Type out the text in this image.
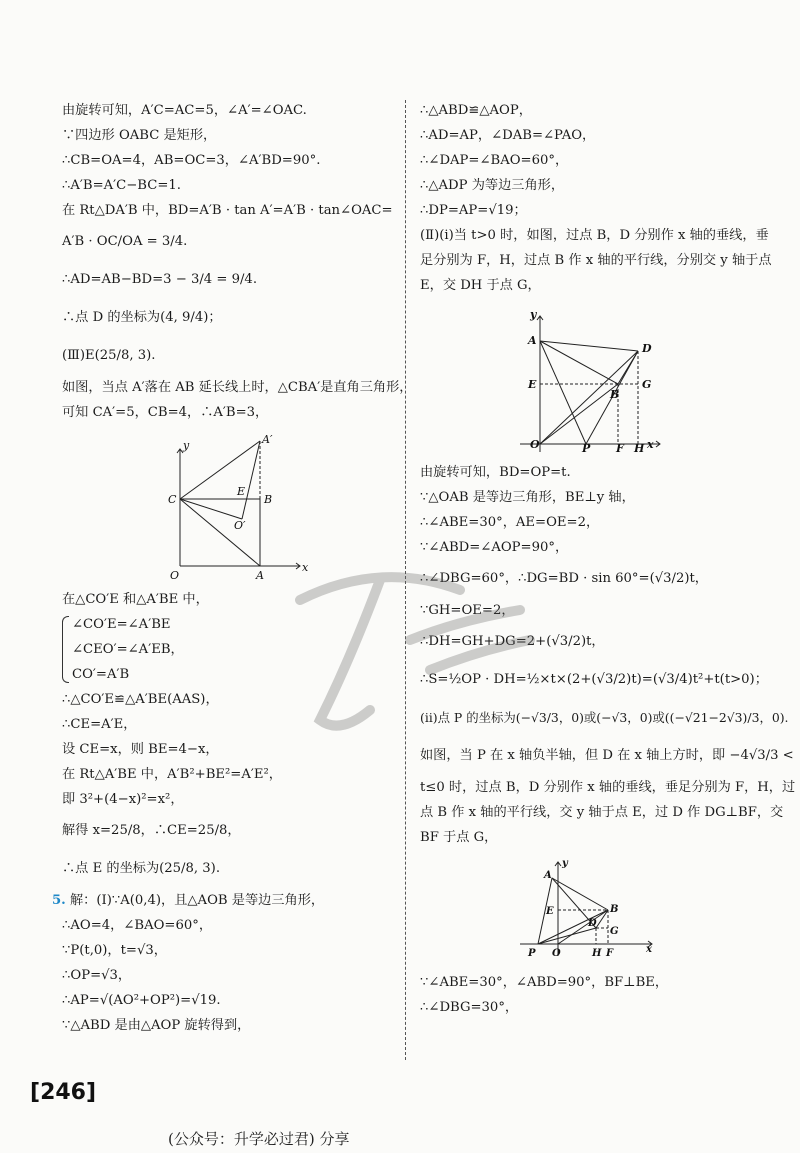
由旋转可知，A′C=AC=5，∠A′=∠OAC.
∵四边形 OABC 是矩形，
∴CB=OA=4，AB=OC=3，∠A′BD=90°.
∴A′B=A′C−BC=1.
在 Rt△DA′B 中，BD=A′B · tan A′=A′B · tan∠OAC=
A′B · OC/OA = 3/4.
∴AD=AB−BD=3 − 3/4 = 9/4.
∴点 D 的坐标为(4, 9/4)；
(Ⅲ)E(25/8, 3).
如图，当点 A′落在 AB 延长线上时，△CBA′是直角三角形，
可知 CA′=5，CB=4，∴A′B=3，
A′
y
C
E
B
O′
O	A
x
在△CO′E 和△A′BE 中，
∠CO′E=∠A′BE
∠CEO′=∠A′EB，
CO′=A′B
∴△CO′E≌△A′BE(AAS)，
∴CE=A′E，
设 CE=x，则 BE=4−x，
在 Rt△A′BE 中，A′B²+BE²=A′E²，
即 3²+(4−x)²=x²，
解得 x=25/8，∴CE=25/8，
∴点 E 的坐标为(25/8, 3).
5. 解：(Ⅰ)∵A(0,4)，且△AOB 是等边三角形，
∴AO=4，∠BAO=60°，
∵P(t,0)，t=√3，
∴OP=√3，
∴AP=√(AO²+OP²)=√19.
∵△ABD 是由△AOP 旋转得到，
∴△ABD≌△AOP，
∴AD=AP，∠DAB=∠PAO，
∴∠DAP=∠BAO=60°，
∴△ADP 为等边三角形，
∴DP=AP=√19；
(Ⅱ)(ⅰ)当 t>0 时，如图，过点 B，D 分别作 x 轴的垂线，垂
足分别为 F，H，过点 B 作 x 轴的平行线，分别交 y 轴于点
E，交 DH 于点 G，
y
A
D
E	G
B
O	P F H x
由旋转可知，BD=OP=t.
∵△OAB 是等边三角形，BE⊥y 轴，
∴∠ABE=30°，AE=OE=2，
∵∠ABD=∠AOP=90°，
∴∠DBG=60°，∴DG=BD · sin 60°=(√3/2)t，
∵GH=OE=2，
∴DH=GH+DG=2+(√3/2)t，
∴S=½OP · DH=½×t×(2+(√3/2)t)=(√3/4)t²+t(t>0)；
(ⅱ)点 P 的坐标为(−√3/3，0)或(−√3，0)或((−√21−2√3)/3，0).
如图，当 P 在 x 轴负半轴，但 D 在 x 轴上方时，即 −4√3/3 <
t≤0 时，过点 B，D 分别作 x 轴的垂线，垂足分别为 F，H，过
点 B 作 x 轴的平行线，交 y 轴于点 E，过 D 作 DG⊥BF，交
BF 于点 G，
y
A
E	B
D
G
P O	H F	x
∵∠ABE=30°，∠ABD=90°，BF⊥BE，
∴∠DBG=30°，
[246]
(公众号：升学必过君) 分享
